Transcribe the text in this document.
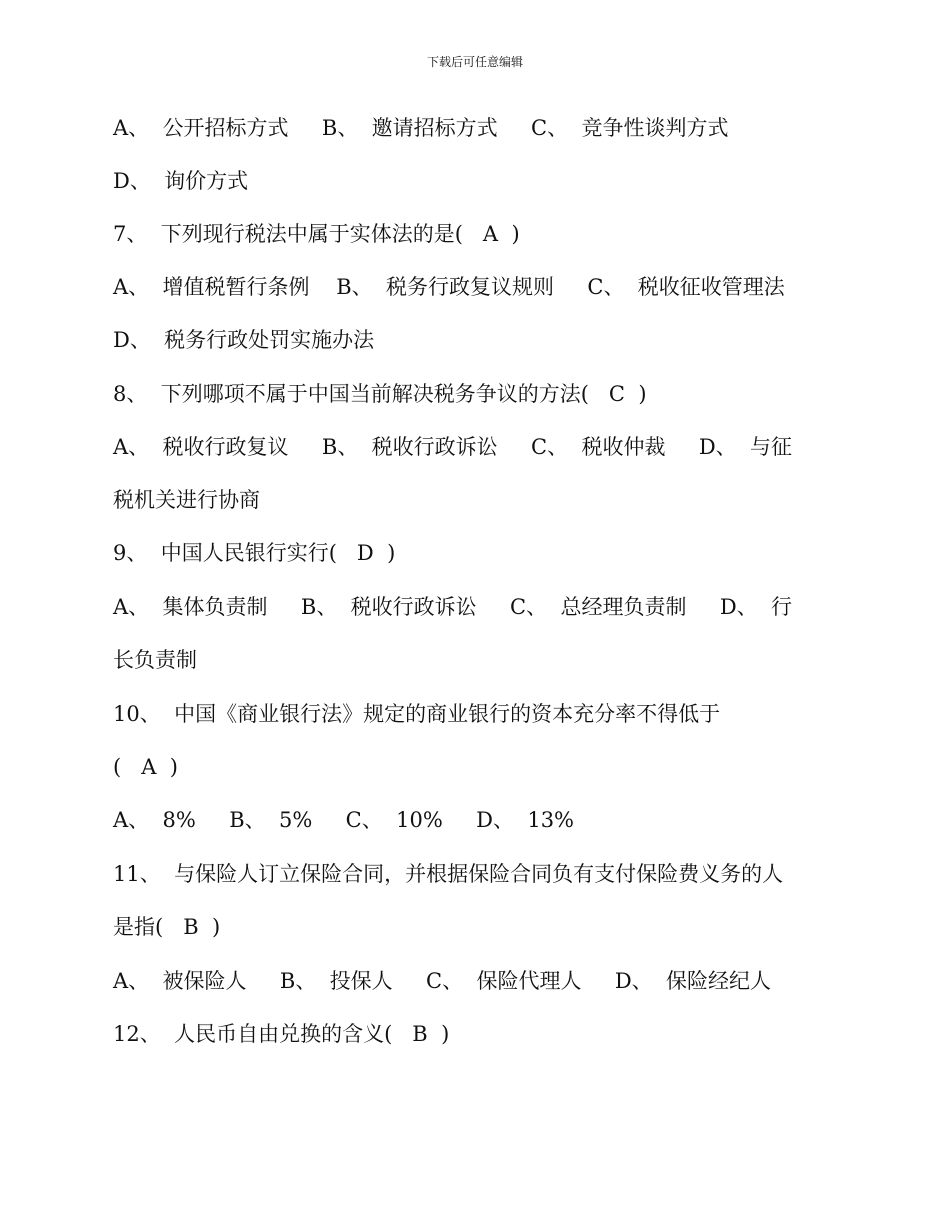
下载后可任意编辑
A、  公开招标方式     B、  邀请招标方式     C、  竞争性谈判方式
D、  询价方式
7、  下列现行税法中属于实体法的是(   A  )
A、  增值税暂行条例    B、  税务行政复议规则     C、  税收征收管理法
D、  税务行政处罚实施办法
8、  下列哪项不属于中国当前解决税务争议的方法(   C  )
A、  税收行政复议     B、  税收行政诉讼     C、  税收仲裁     D、  与征
税机关进行协商
9、  中国人民银行实行(   D  )
A、  集体负责制     B、  税收行政诉讼     C、  总经理负责制     D、  行
长负责制
10、  中国《商业银行法》规定的商业银行的资本充分率不得低于
(   A  )
A、  8%     B、  5%     C、  10%     D、  13%
11、  与保险人订立保险合同，并根据保险合同负有支付保险费义务的人
是指(   B  )
A、  被保险人     B、  投保人     C、  保险代理人     D、  保险经纪人
12、  人民币自由兑换的含义(   B  )
